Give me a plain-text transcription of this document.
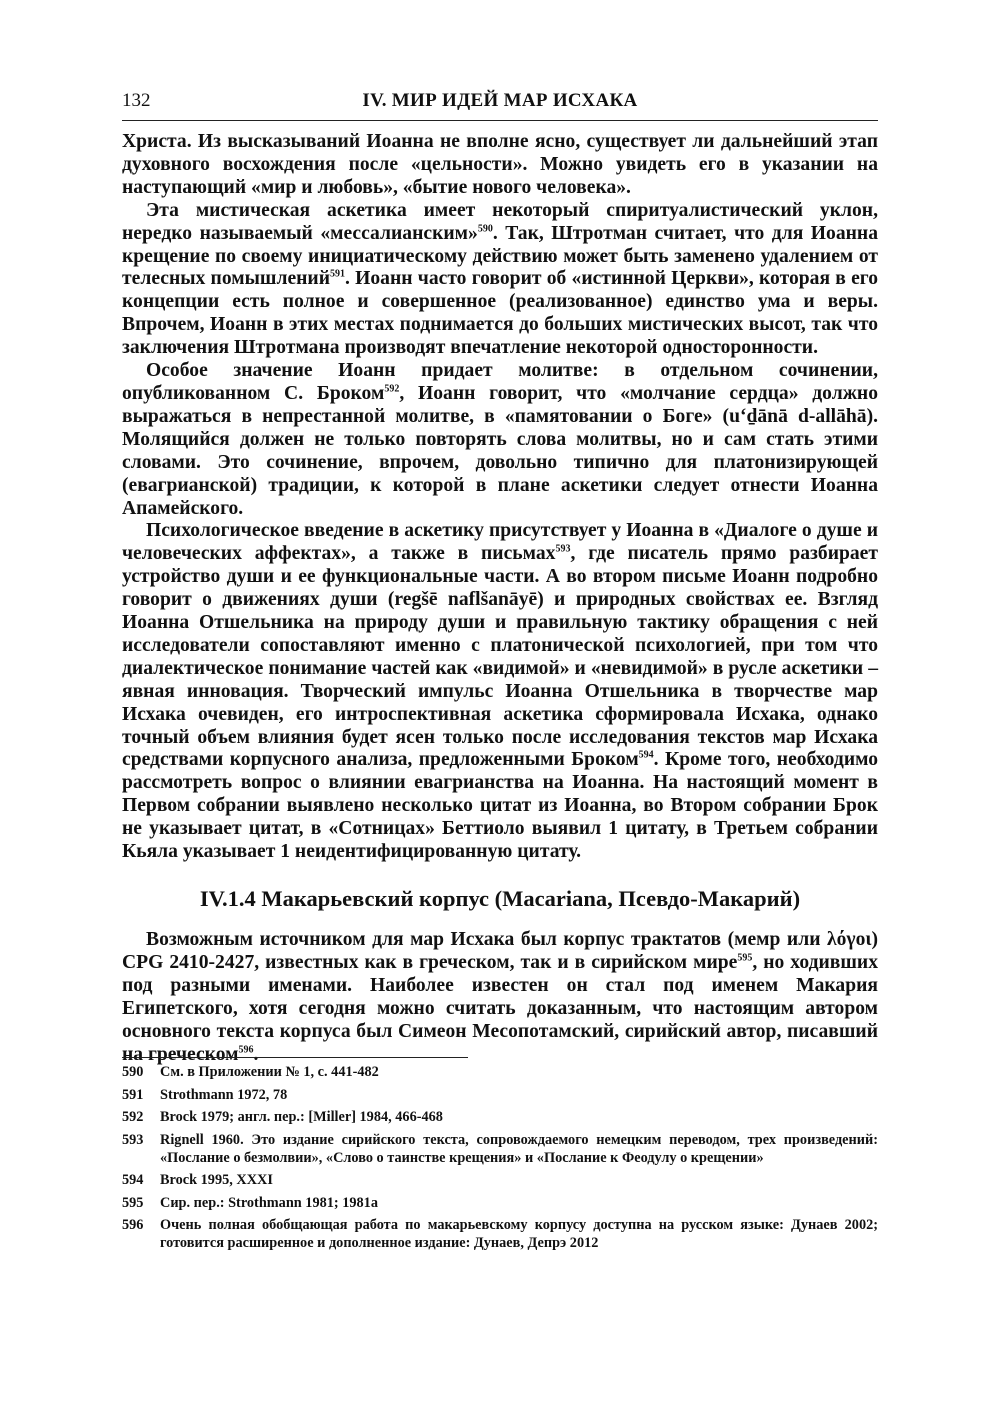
132	IV. МИР ИДЕЙ МАР ИСХАКА

Христа. Из высказываний Иоанна не вполне ясно, существует ли дальнейший этап духовного восхождения после «цельности». Можно увидеть его в указании на наступающий «мир и любовь», «бытие нового человека».

Эта мистическая аскетика имеет некоторый спиритуалистический уклон, нередко называемый «мессалианским»$^{590}$. Так, Штротман считает, что для Иоанна крещение по своему инициатическому действию может быть заменено удалением от телесных помышлений$^{591}$. Иоанн часто говорит об «истинной Церкви», которая в его концепции есть полное и совершенное (реализованное) единство ума и веры. Впрочем, Иоанн в этих местах поднимается до больших мистических высот, так что заключения Штротмана производят впечатление некоторой односторонности.

Особое значение Иоанн придает молитве: в отдельном сочинении, опубликованном С. Броком$^{592}$, Иоанн говорит, что «молчание сердца» должно выражаться в непрестанной молитве, в «памятовании о Боге» (u‘ḏānā d-allāhā). Молящийся должен не только повторять слова молитвы, но и сам стать этими словами. Это сочинение, впрочем, довольно типично для платонизирующей (евагрианской) традиции, к которой в плане аскетики следует отнести Иоанна Апамейского.

Психологическое введение в аскетику присутствует у Иоанна в «Диалоге о душе и человеческих аффектах», а также в письмах$^{593}$, где писатель прямо разбирает устройство души и ее функциональные части. А во втором письме Иоанн подробно говорит о движениях души (regšē naflšanāyē) и природных свойствах ее. Взгляд Иоанна Отшельника на природу души и правильную тактику обращения с ней исследователи сопоставляют именно с платонической психологией, при том что диалектическое понимание частей как «видимой» и «невидимой» в русле аскетики – явная инновация. Творческий импульс Иоанна Отшельника в творчестве мар Исхака очевиден, его интроспективная аскетика сформировала Исхака, однако точный объем влияния будет ясен только после исследования текстов мар Исхака средствами корпусного анализа, предложенными Броком$^{594}$. Кроме того, необходимо рассмотреть вопрос о влиянии евагрианства на Иоанна. На настоящий момент в Первом собрании выявлено несколько цитат из Иоанна, во Втором собрании Брок не указывает цитат, в «Сотницах» Беттиоло выявил 1 цитату, в Третьем собрании Кьяла указывает 1 неидентифицированную цитату.

IV.1.4 Макарьевский корпус (Macariana, Псевдо-Макарий)

Возможным источником для мар Исхака был корпус трактатов (мемр или λόγοι) CPG 2410-2427, известных как в греческом, так и в сирийском мире$^{595}$, но ходивших под разными именами. Наиболее известен он стал под именем Макария Египетского, хотя сегодня можно считать доказанным, что настоящим автором основного текста корпуса был Симеон Месопотамский, сирийский автор, писавший на греческом$^{596}$.

590	См. в Приложении № 1, с. 441-482
591	Strothmann 1972, 78
592	Brock 1979; англ. пер.: [Miller] 1984, 466-468
593	Rignell 1960. Это издание сирийского текста, сопровождаемого немецким переводом, трех произведений: «Послание о безмолвии», «Слово о таинстве крещения» и «Послание к Феодулу о крещении»
594	Brock 1995, XXXI
595	Сир. пер.: Strothmann 1981; 1981a
596	Очень полная обобщающая работа по макарьевскому корпусу доступна на русском языке: Дунаев 2002; готовится расширенное и дополненное издание: Дунаев, Депрэ 2012
